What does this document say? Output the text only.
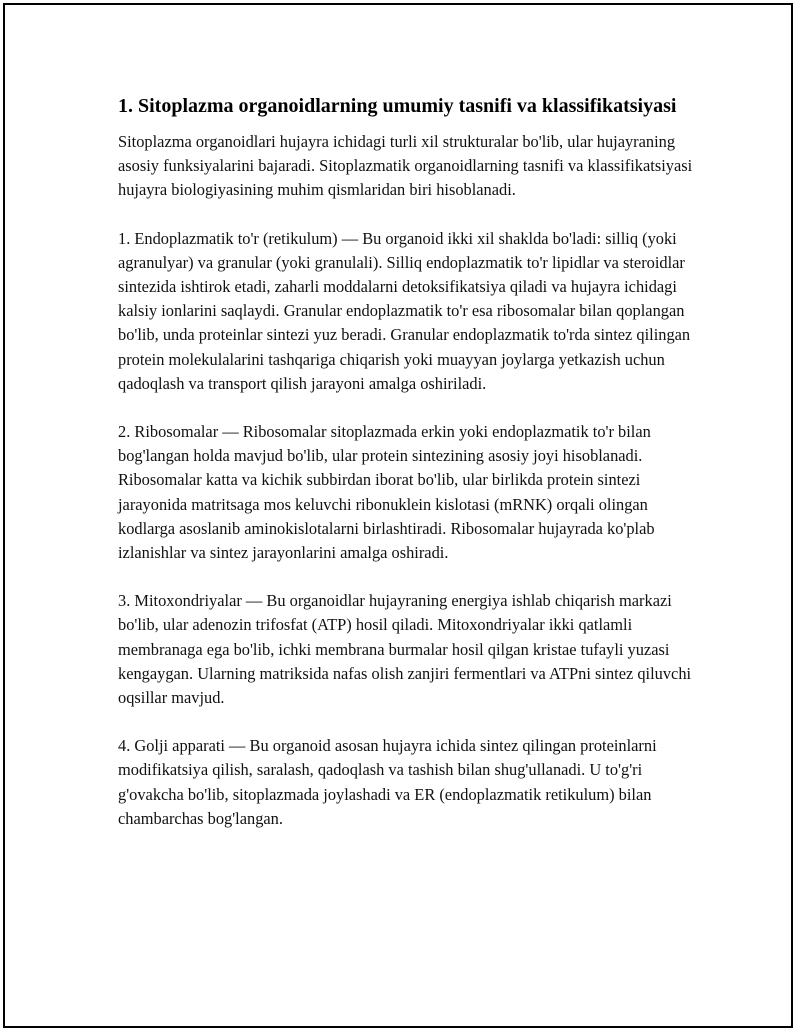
1. Sitoplazma organoidlarning umumiy tasnifi va klassifikatsiyasi

Sitoplazma organoidlari hujayra ichidagi turli xil strukturalar bo'lib, ular hujayraning asosiy funksiyalarini bajaradi. Sitoplazmatik organoidlarning tasnifi va klassifikatsiyasi hujayra biologiyasining muhim qismlaridan biri hisoblanadi.

1. Endoplazmatik to'r (retikulum) — Bu organoid ikki xil shaklda bo'ladi: silliq (yoki agranulyar) va granular (yoki granulali). Silliq endoplazmatik to'r lipidlar va steroidlar sintezida ishtirok etadi, zaharli moddalarni detoksifikatsiya qiladi va hujayra ichidagi kalsiy ionlarini saqlaydi. Granular endoplazmatik to'r esa ribosomalar bilan qoplangan bo'lib, unda proteinlar sintezi yuz beradi. Granular endoplazmatik to'rda sintez qilingan protein molekulalarini tashqariga chiqarish yoki muayyan joylarga yetkazish uchun qadoqlash va transport qilish jarayoni amalga oshiriladi.

2. Ribosomalar — Ribosomalar sitoplazmada erkin yoki endoplazmatik to'r bilan bog'langan holda mavjud bo'lib, ular protein sintezining asosiy joyi hisoblanadi. Ribosomalar katta va kichik subbirdan iborat bo'lib, ular birlikda protein sintezi jarayonida matritsaga mos keluvchi ribonuklein kislotasi (mRNK) orqali olingan kodlarga asoslanib aminokislotalarni birlashtiradi. Ribosomalar hujayrada ko'plab izlanishlar va sintez jarayonlarini amalga oshiradi.

3. Mitoxondriyalar — Bu organoidlar hujayraning energiya ishlab chiqarish markazi bo'lib, ular adenozin trifosfat (ATP) hosil qiladi. Mitoxondriyalar ikki qatlamli membranaga ega bo'lib, ichki membrana burmalar hosil qilgan kristae tufayli yuzasi kengaygan. Ularning matriksida nafas olish zanjiri fermentlari va ATPni sintez qiluvchi oqsillar mavjud.

4. Golji apparati — Bu organoid asosan hujayra ichida sintez qilingan proteinlarni modifikatsiya qilish, saralash, qadoqlash va tashish bilan shug'ullanadi. U to'g'ri g'ovakcha bo'lib, sitoplazmada joylashadi va ER (endoplazmatik retikulum) bilan chambarchas bog'langan.
